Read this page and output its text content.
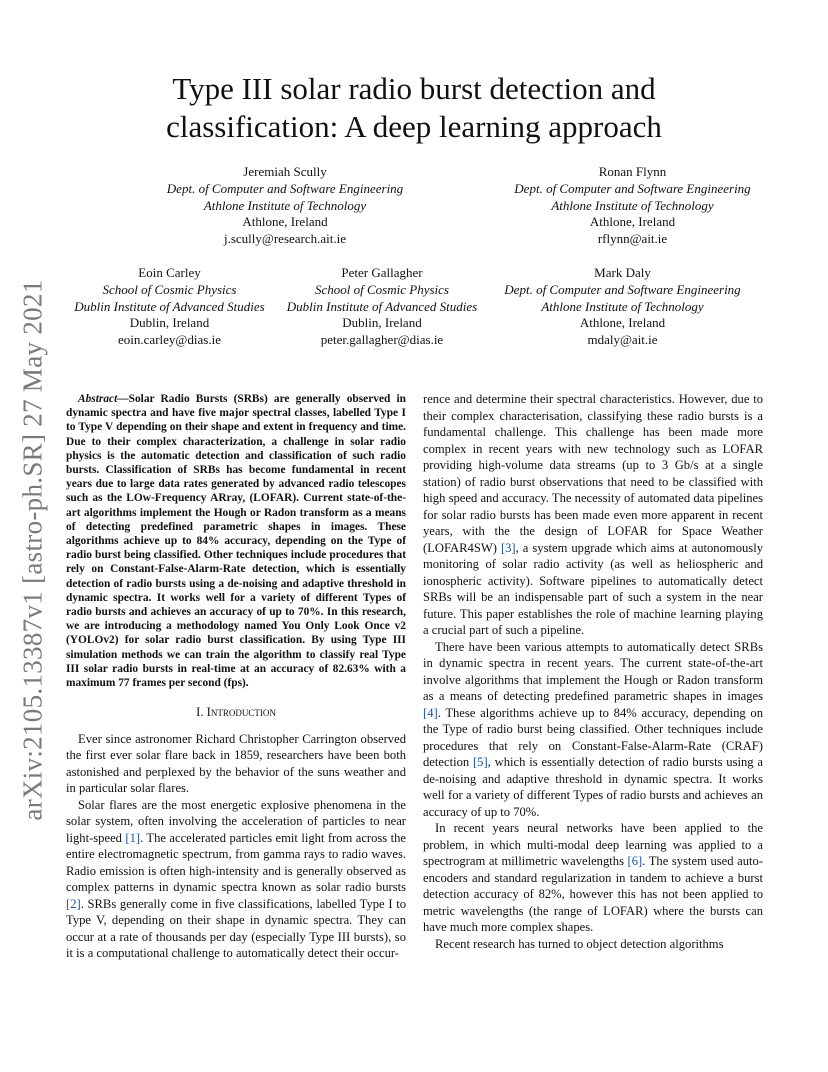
arXiv:2105.13387v1 [astro-ph.SR] 27 May 2021
Type III solar radio burst detection and
classification: A deep learning approach
Jeremiah Scully
Dept. of Computer and Software Engineering
Athlone Institute of Technology
Athlone, Ireland
j.scully@research.ait.ie
Ronan Flynn
Dept. of Computer and Software Engineering
Athlone Institute of Technology
Athlone, Ireland
rflynn@ait.ie
Eoin Carley
School of Cosmic Physics
Dublin Institute of Advanced Studies
Dublin, Ireland
eoin.carley@dias.ie
Peter Gallagher
School of Cosmic Physics
Dublin Institute of Advanced Studies
Dublin, Ireland
peter.gallagher@dias.ie
Mark Daly
Dept. of Computer and Software Engineering
Athlone Institute of Technology
Athlone, Ireland
mdaly@ait.ie

Abstract—Solar Radio Bursts (SRBs) are generally observed in dynamic spectra and have five major spectral classes, labelled Type I to Type V depending on their shape and extent in frequency and time. Due to their complex characterization, a challenge in solar radio physics is the automatic detection and classification of such radio bursts. Classification of SRBs has become fundamental in recent years due to large data rates generated by advanced radio telescopes such as the LOw-Frequency ARray, (LOFAR). Current state-of-the-art algorithms implement the Hough or Radon transform as a means of detecting predefined parametric shapes in images. These algorithms achieve up to 84% accuracy, depending on the Type of radio burst being classified. Other techniques include procedures that rely on Constant-False-Alarm-Rate detection, which is essentially detection of radio bursts using a de-noising and adaptive threshold in dynamic spectra. It works well for a variety of different Types of radio bursts and achieves an accuracy of up to 70%. In this research, we are introducing a methodology named You Only Look Once v2 (YOLOv2) for solar radio burst classification. By using Type III simulation methods we can train the algorithm to classify real Type III solar radio bursts in real-time at an accuracy of 82.63% with a maximum 77 frames per second (fps).

I. Introduction

Ever since astronomer Richard Christopher Carrington observed the first ever solar flare back in 1859, researchers have been both astonished and perplexed by the behavior of the suns weather and in particular solar flares.

Solar flares are the most energetic explosive phenomena in the solar system, often involving the acceleration of particles to near light-speed [1]. The accelerated particles emit light from across the entire electromagnetic spectrum, from gamma rays to radio waves. Radio emission is often high-intensity and is generally observed as complex patterns in dynamic spectra known as solar radio bursts [2]. SRBs generally come in five classifications, labelled Type I to Type V, depending on their shape in dynamic spectra. They can occur at a rate of thousands per day (especially Type III bursts), so it is a computational challenge to automatically detect their occur-

rence and determine their spectral characteristics. However, due to their complex characterisation, classifying these radio bursts is a fundamental challenge. This challenge has been made more complex in recent years with new technology such as LOFAR providing high-volume data streams (up to 3 Gb/s at a single station) of radio burst observations that need to be classified with high speed and accuracy. The necessity of automated data pipelines for solar radio bursts has been made even more apparent in recent years, with the the design of LOFAR for Space Weather (LOFAR4SW) [3], a system upgrade which aims at autonomously monitoring of solar radio activity (as well as heliospheric and ionospheric activity). Software pipelines to automatically detect SRBs will be an indispensable part of such a system in the near future. This paper establishes the role of machine learning playing a crucial part of such a pipeline.

There have been various attempts to automatically detect SRBs in dynamic spectra in recent years. The current state-of-the-art involve algorithms that implement the Hough or Radon transform as a means of detecting predefined parametric shapes in images [4]. These algorithms achieve up to 84% accuracy, depending on the Type of radio burst being classified. Other techniques include procedures that rely on Constant-False-Alarm-Rate (CRAF) detection [5], which is essentially detection of radio bursts using a de-noising and adaptive threshold in dynamic spectra. It works well for a variety of different Types of radio bursts and achieves an accuracy of up to 70%.

In recent years neural networks have been applied to the problem, in which multi-modal deep learning was applied to a spectrogram at millimetric wavelengths [6]. The system used auto-encoders and standard regularization in tandem to achieve a burst detection accuracy of 82%, however this has not been applied to metric wavelengths (the range of LOFAR) where the bursts can have much more complex shapes.

Recent research has turned to object detection algorithms
